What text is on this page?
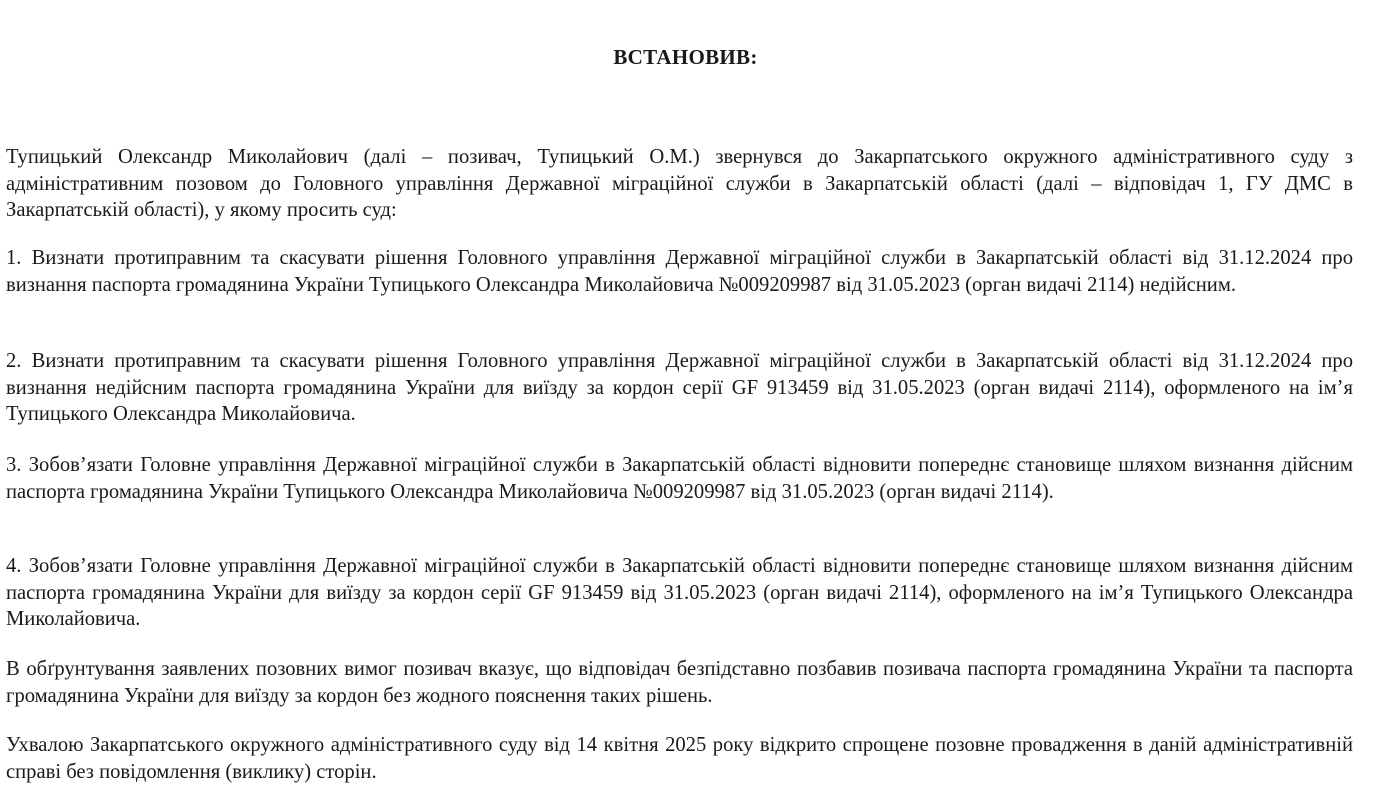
ВСТАНОВИВ:

Тупицький Олександр Миколайович (далі – позивач, Тупицький О.М.) звернувся до Закарпатського окружного адміністративного суду з адміністративним позовом до Головного управління Державної міграційної служби в Закарпатській області (далі – відповідач 1, ГУ ДМС в Закарпатській області), у якому просить суд:

1. Визнати протиправним та скасувати рішення Головного управління Державної міграційної служби в Закарпатській області від 31.12.2024 про визнання паспорта громадянина України Тупицького Олександра Миколайовича №009209987 від 31.05.2023 (орган видачі 2114) недійсним.

2. Визнати протиправним та скасувати рішення Головного управління Державної міграційної служби в Закарпатській області від 31.12.2024 про визнання недійсним паспорта громадянина України для виїзду за кордон серії GF 913459 від 31.05.2023 (орган видачі 2114), оформленого на ім’я Тупицького Олександра Миколайовича.

3. Зобов’язати Головне управління Державної міграційної служби в Закарпатській області відновити попереднє становище шляхом визнання дійсним паспорта громадянина України Тупицького Олександра Миколайовича №009209987 від 31.05.2023 (орган видачі 2114).

4. Зобов’язати Головне управління Державної міграційної служби в Закарпатській області відновити попереднє становище шляхом визнання дійсним паспорта громадянина України для виїзду за кордон серії GF 913459 від 31.05.2023 (орган видачі 2114), оформленого на ім’я Тупицького Олександра Миколайовича.

В обґрунтування заявлених позовних вимог позивач вказує, що відповідач безпідставно позбавив позивача паспорта громадянина України та паспорта громадянина України для виїзду за кордон без жодного пояснення таких рішень.

Ухвалою Закарпатського окружного адміністративного суду від 14 квітня 2025 року відкрито спрощене позовне провадження в даній адміністративній справі без повідомлення (виклику) сторін.
